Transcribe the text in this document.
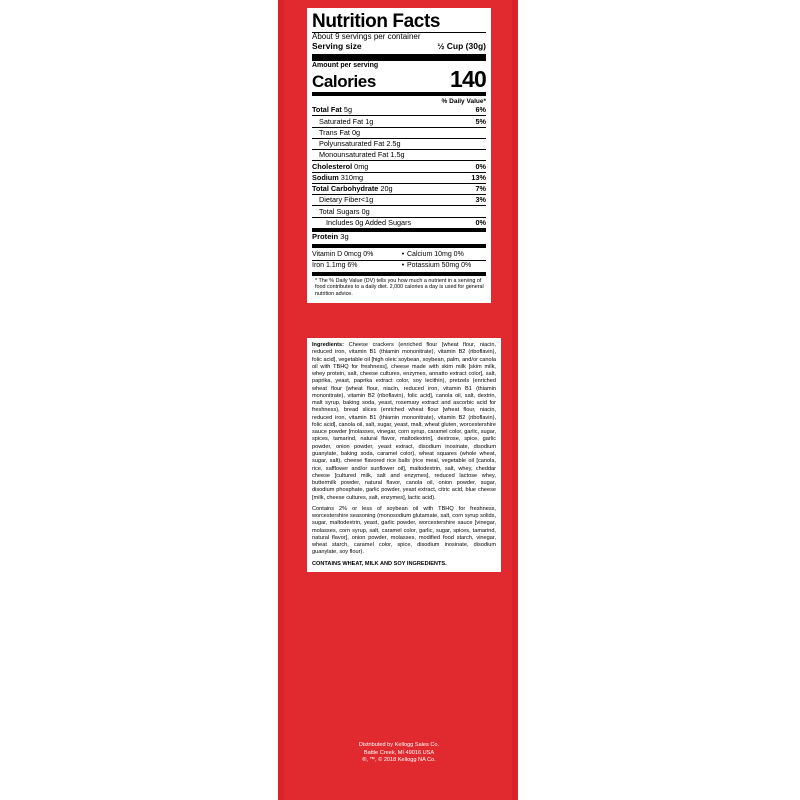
Nutrition Facts
About 9 servings per container
Serving size	½ Cup (30g)
Amount per serving
Calories	140
% Daily Value*
Total Fat 5g	6%
Saturated Fat 1g	5%
Trans Fat 0g
Polyunsaturated Fat 2.5g
Monounsaturated Fat 1.5g
Cholesterol 0mg	0%
Sodium 310mg	13%
Total Carbohydrate 20g	7%
Dietary Fiber<1g	3%
Total Sugars 0g
Includes 0g Added Sugars	0%
Protein 3g
Vitamin D 0mcg 0%	• Calcium 10mg 0%
Iron 1.1mg 6%	• Potassium 50mg 0%
* The % Daily Value (DV) tells you how much a nutrient in a serving of food contributes to a daily diet. 2,000 calories a day is used for general nutrition advice.

Ingredients: Cheese crackers (enriched flour [wheat flour, niacin, reduced iron, vitamin B1 (thiamin mononitrate), vitamin B2 (riboflavin), folic acid], vegetable oil [high oleic soybean, soybean, palm, and/or canola oil with TBHQ for freshness], cheese made with skim milk [skim milk, whey protein, salt, cheese cultures, enzymes, annatto extract color], salt, paprika, yeast, paprika extract color, soy lecithin), pretzels (enriched wheat flour [wheat flour, niacin, reduced iron, vitamin B1 (thiamin mononitrate), vitamin B2 (riboflavin), folic acid], canola oil, salt, dextrin, malt syrup, baking soda, yeast, rosemary extract and ascorbic acid for freshness), bread slices (enriched wheat flour [wheat flour, niacin, reduced iron, vitamin B1 (thiamin mononitrate), vitamin B2 (riboflavin), folic acid], canola oil, salt, sugar, yeast, malt, wheat gluten, worcestershire sauce powder [molasses, vinegar, corn syrup, caramel color, garlic, sugar, spices, tamarind, natural flavor, maltodextrin], dextrose, spice, garlic powder, onion powder, yeast extract, disodium inosinate, disodium guanylate, baking soda, caramel color), wheat squares (whole wheat, sugar, salt), cheese flavored rice balls (rice meal, vegetable oil [canola, rice, safflower and/or sunflower oil], maltodextrin, salt, whey, cheddar cheese [cultured milk, salt and enzymes], reduced lactose whey, buttermilk powder, natural flavor, canola oil, onion powder, sugar, disodium phosphate, garlic powder, yeast extract, citric acid, blue cheese [milk, cheese cultures, salt, enzymes], lactic acid).

Contains 2% or less of soybean oil with TBHQ for freshness, worcestershire seasoning (monosodium glutamate, salt, corn syrup solids, sugar, maltodextrin, yeast, garlic powder, worcestershire sauce [vinegar, molasses, corn syrup, salt, caramel color, garlic, sugar, spices, tamarind, natural flavor], onion powder, molasses, modified food starch, vinegar, wheat starch, caramel color, spice, disodium inosinate, disodium guanylate, soy flour).

CONTAINS WHEAT, MILK AND SOY INGREDIENTS.

Distributed by Kellogg Sales Co.
Battle Creek, MI 49016 USA
®, ™, © 2018 Kellogg NA Co.
